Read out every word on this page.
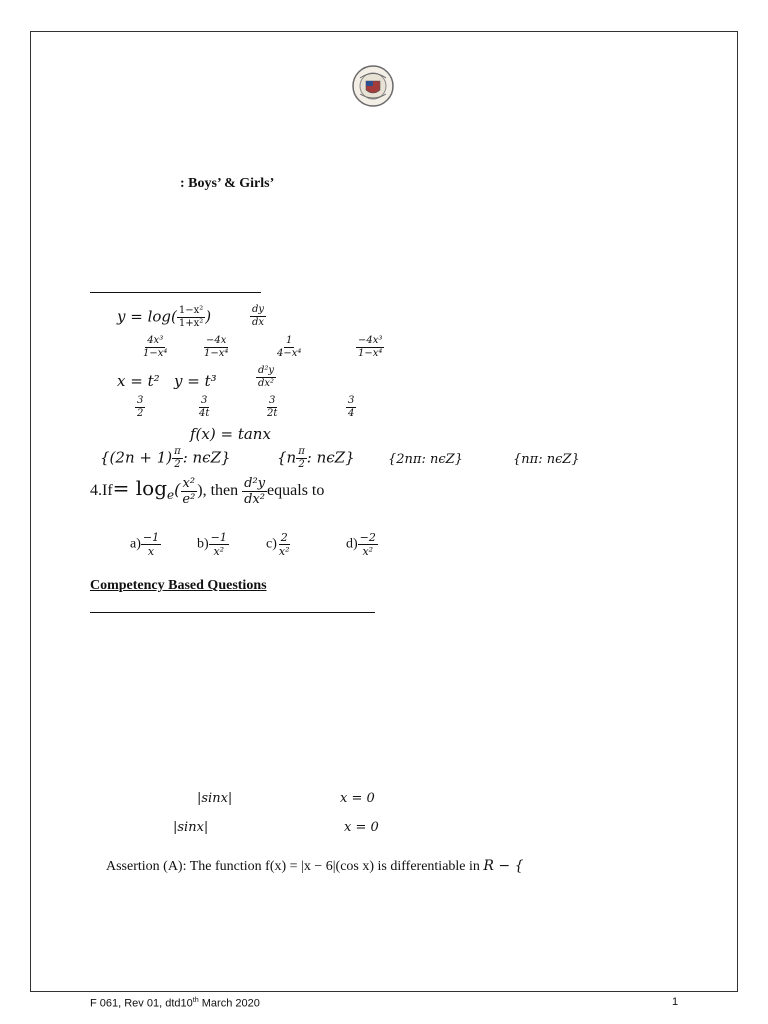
: Boys’ & Girls’
$y = \log( \frac{\text{1−x²}}{\text{1+x²}}$ )	$\frac{dy}{dx}$
$\frac{\text{4x³}}{\text{1−x⁴}}$	$\frac{-4x}{\text{1−x⁴}}$	$\frac{1}{\text{4−x⁴}}$	$\frac{\text{−4x³}}{\text{1−x⁴}}$
x = t² y = t³	$\frac{\text{d²y}}{\text{dx²}}$
$\frac{3}{2}$	$\frac{3}{4t}$	$\frac{3}{2t}$	$\frac{3}{4}$
f(x) = tanx
{$(2n + 1) \frac{\pi}{2}$ : nϵZ}	{$n \frac{\pi}{2}$ : nϵZ}	{2nπ: nϵZ}	{nπ: nϵZ}
$4.If= \log_e( \frac{\text{x²}}{\text{e²}}$ ), then $\frac{\text{d²y}}{\text{dx²}}$ equals to
$a) \frac{-1}{x}$	$b) \frac{-1}{\text{x²}}$	$c) \frac{2}{\text{x²}}$	$d) \frac{-2}{\text{x²}}$
Competency Based Questions
|sinx|	x = 0
|sinx|	x = 0
Assertion (A): The function f(x) = |x − 6|(cos x) is differentiable in R − {
F 061, Rev 01, dtd10th March 2020	1
